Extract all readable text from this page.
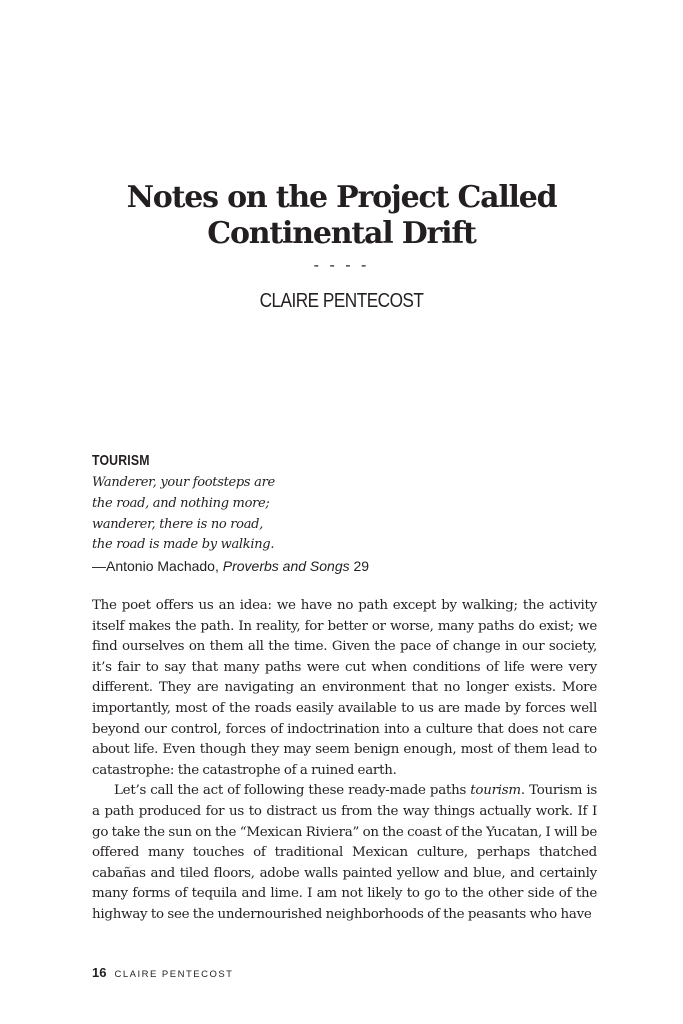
Notes on the Project Called
Continental Drift
- - - -
CLAIRE PENTECOST
TOURISM
Wanderer, your footsteps are
the road, and nothing more;
wanderer, there is no road,
the road is made by walking.
—Antonio Machado, Proverbs and Songs 29

The poet offers us an idea: we have no path except by walking; the activity itself makes the path. In reality, for better or worse, many paths do exist; we find ourselves on them all the time. Given the pace of change in our society, it’s fair to say that many paths were cut when conditions of life were very different. They are navigating an environment that no longer exists. More importantly, most of the roads easily available to us are made by forces well beyond our control, forces of indoctrination into a culture that does not care about life. Even though they may seem benign enough, most of them lead to catastrophe: the catastrophe of a ruined earth.

Let’s call the act of following these ready-made paths tourism. Tourism is a path produced for us to distract us from the way things actually work. If I go take the sun on the “Mexican Riviera” on the coast of the Yucatan, I will be offered many touches of traditional Mexican culture, perhaps thatched cabañas and tiled floors, adobe walls painted yellow and blue, and certainly many forms of tequila and lime. I am not likely to go to the other side of the highway to see the undernourished neighborhoods of the peasants who have

16 CLAIRE PENTECOST
